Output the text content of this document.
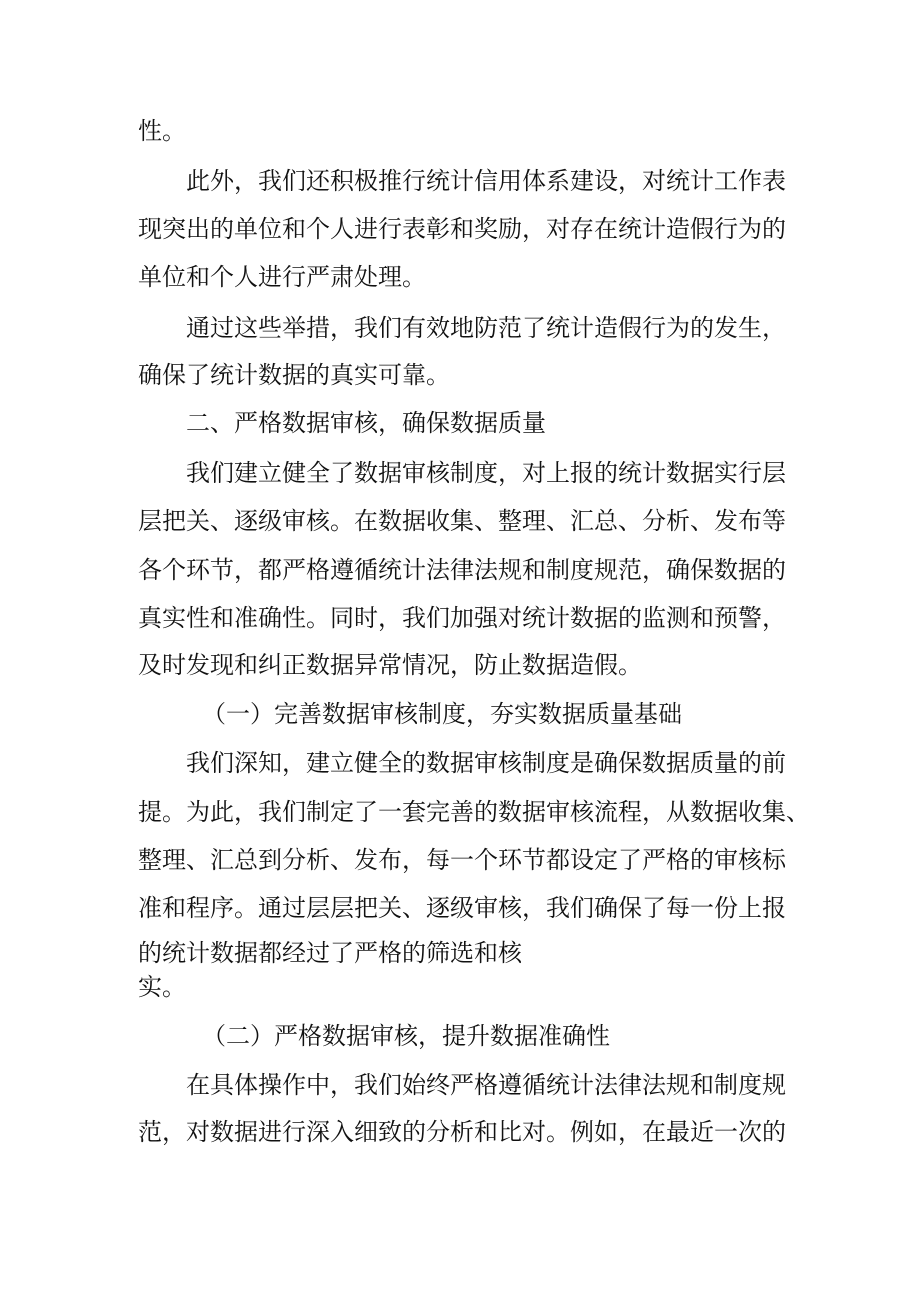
性。
此外，我们还积极推行统计信用体系建设，对统计工作表
现突出的单位和个人进行表彰和奖励，对存在统计造假行为的
单位和个人进行严肃处理。
通过这些举措，我们有效地防范了统计造假行为的发生，
确保了统计数据的真实可靠。
二、严格数据审核，确保数据质量
我们建立健全了数据审核制度，对上报的统计数据实行层
层把关、逐级审核。在数据收集、整理、汇总、分析、发布等
各个环节，都严格遵循统计法律法规和制度规范，确保数据的
真实性和准确性。同时，我们加强对统计数据的监测和预警，
及时发现和纠正数据异常情况，防止数据造假。
（一）完善数据审核制度，夯实数据质量基础
我们深知，建立健全的数据审核制度是确保数据质量的前
提。为此，我们制定了一套完善的数据审核流程，从数据收集、
整理、汇总到分析、发布，每一个环节都设定了严格的审核标
准和程序。通过层层把关、逐级审核，我们确保了每一份上报
的统计数据都经过了严格的筛选和核
实。
（二）严格数据审核，提升数据准确性
在具体操作中，我们始终严格遵循统计法律法规和制度规
范，对数据进行深入细致的分析和比对。例如，在最近一次的
